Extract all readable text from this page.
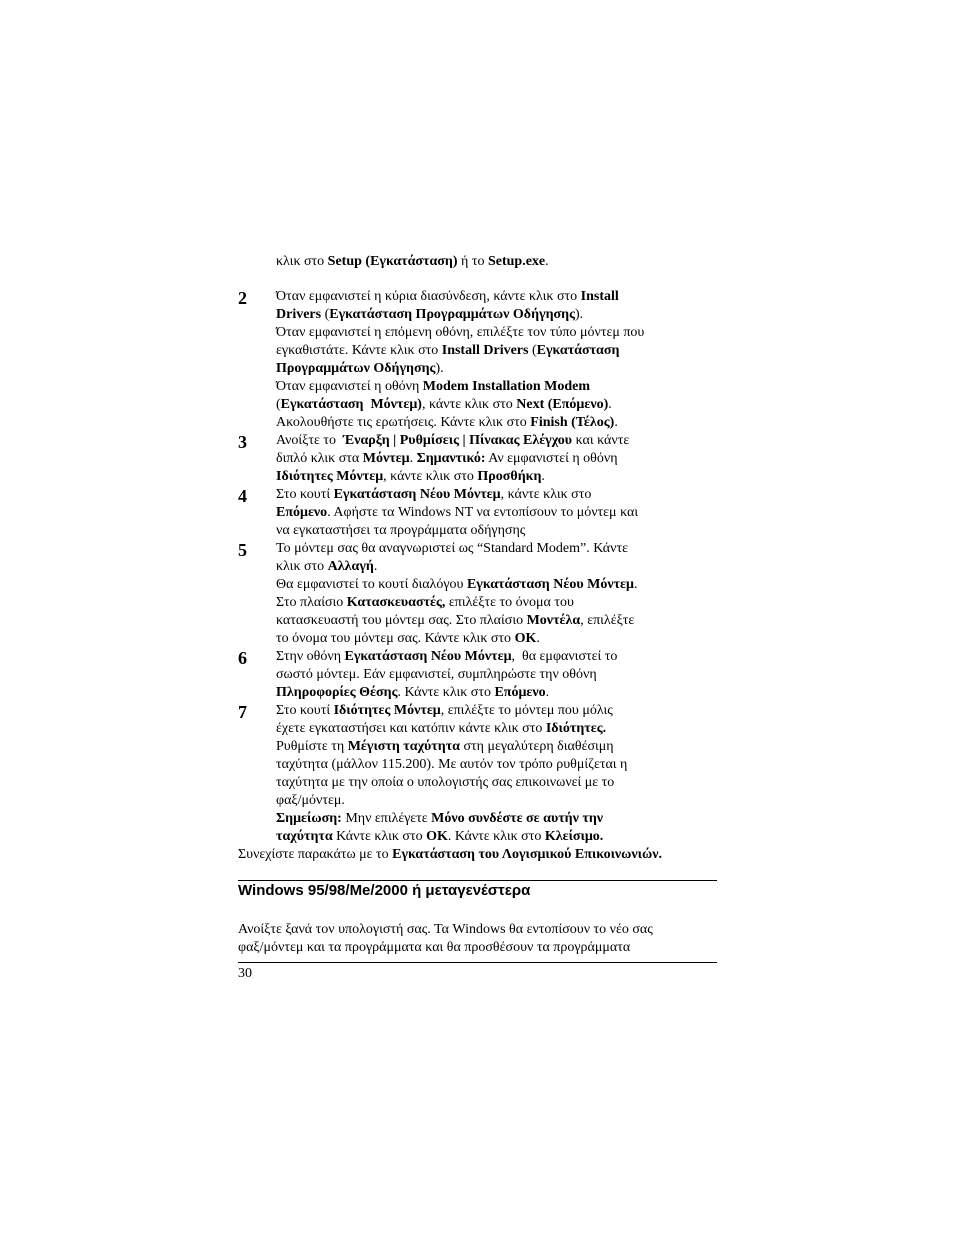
κλικ στο Setup (Εγκατάσταση) ή το Setup.exe.
2	Όταν εμφανιστεί η κύρια διασύνδεση, κάντε κλικ στο Install
Drivers (Εγκατάσταση Προγραμμάτων Οδήγησης).
Όταν εμφανιστεί η επόμενη οθόνη, επιλέξτε τον τύπο μόντεμ που
εγκαθιστάτε. Κάντε κλικ στο Install Drivers (Εγκατάσταση
Προγραμμάτων Οδήγησης).
Όταν εμφανιστεί η οθόνη Modem Installation Modem
(Εγκατάσταση  Μόντεμ), κάντε κλικ στο Next (Επόμενο).
Ακολουθήστε τις ερωτήσεις. Κάντε κλικ στο Finish (Τέλος).
3	Ανοίξτε το  Έναρξη | Ρυθμίσεις | Πίνακας Ελέγχου και κάντε
διπλό κλικ στα Μόντεμ. Σημαντικό: Αν εμφανιστεί η οθόνη
Ιδιότητες Μόντεμ, κάντε κλικ στο Προσθήκη.
4	Στο κουτί Εγκατάσταση Νέου Μόντεμ, κάντε κλικ στο
Επόμενο. Αφήστε τα Windows NT να εντοπίσουν το μόντεμ και
να εγκαταστήσει τα προγράμματα οδήγησης
5	Το μόντεμ σας θα αναγνωριστεί ως “Standard Modem”. Κάντε
κλικ στο Αλλαγή.
Θα εμφανιστεί το κουτί διαλόγου Εγκατάσταση Νέου Μόντεμ.
Στο πλαίσιο Κατασκευαστές, επιλέξτε το όνομα του
κατασκευαστή του μόντεμ σας. Στο πλαίσιο Μοντέλα, επιλέξτε
το όνομα του μόντεμ σας. Κάντε κλικ στο OK.
6	Στην οθόνη Εγκατάσταση Νέου Μόντεμ,  θα εμφανιστεί το
σωστό μόντεμ. Εάν εμφανιστεί, συμπληρώστε την οθόνη
Πληροφορίες Θέσης. Κάντε κλικ στο Επόμενο.
7	Στο κουτί Ιδιότητες Μόντεμ, επιλέξτε το μόντεμ που μόλις
έχετε εγκαταστήσει και κατόπιν κάντε κλικ στο Ιδιότητες.
Ρυθμίστε τη Μέγιστη ταχύτητα στη μεγαλύτερη διαθέσιμη
ταχύτητα (μάλλον 115.200). Με αυτόν τον τρόπο ρυθμίζεται η
ταχύτητα με την οποία ο υπολογιστής σας επικοινωνεί με το
φαξ/μόντεμ.
Σημείωση: Μην επιλέγετε Μόνο συνδέστε σε αυτήν την
ταχύτητα Κάντε κλικ στο OK. Κάντε κλικ στο Κλείσιμο.
Συνεχίστε παρακάτω με το Εγκατάσταση του Λογισμικού Επικοινωνιών.
Windows 95/98/Me/2000 ή μεταγενέστερα
Ανοίξτε ξανά τον υπολογιστή σας. Τα Windows θα εντοπίσουν το νέο σας
φαξ/μόντεμ και τα προγράμματα και θα προσθέσουν τα προγράμματα
30
